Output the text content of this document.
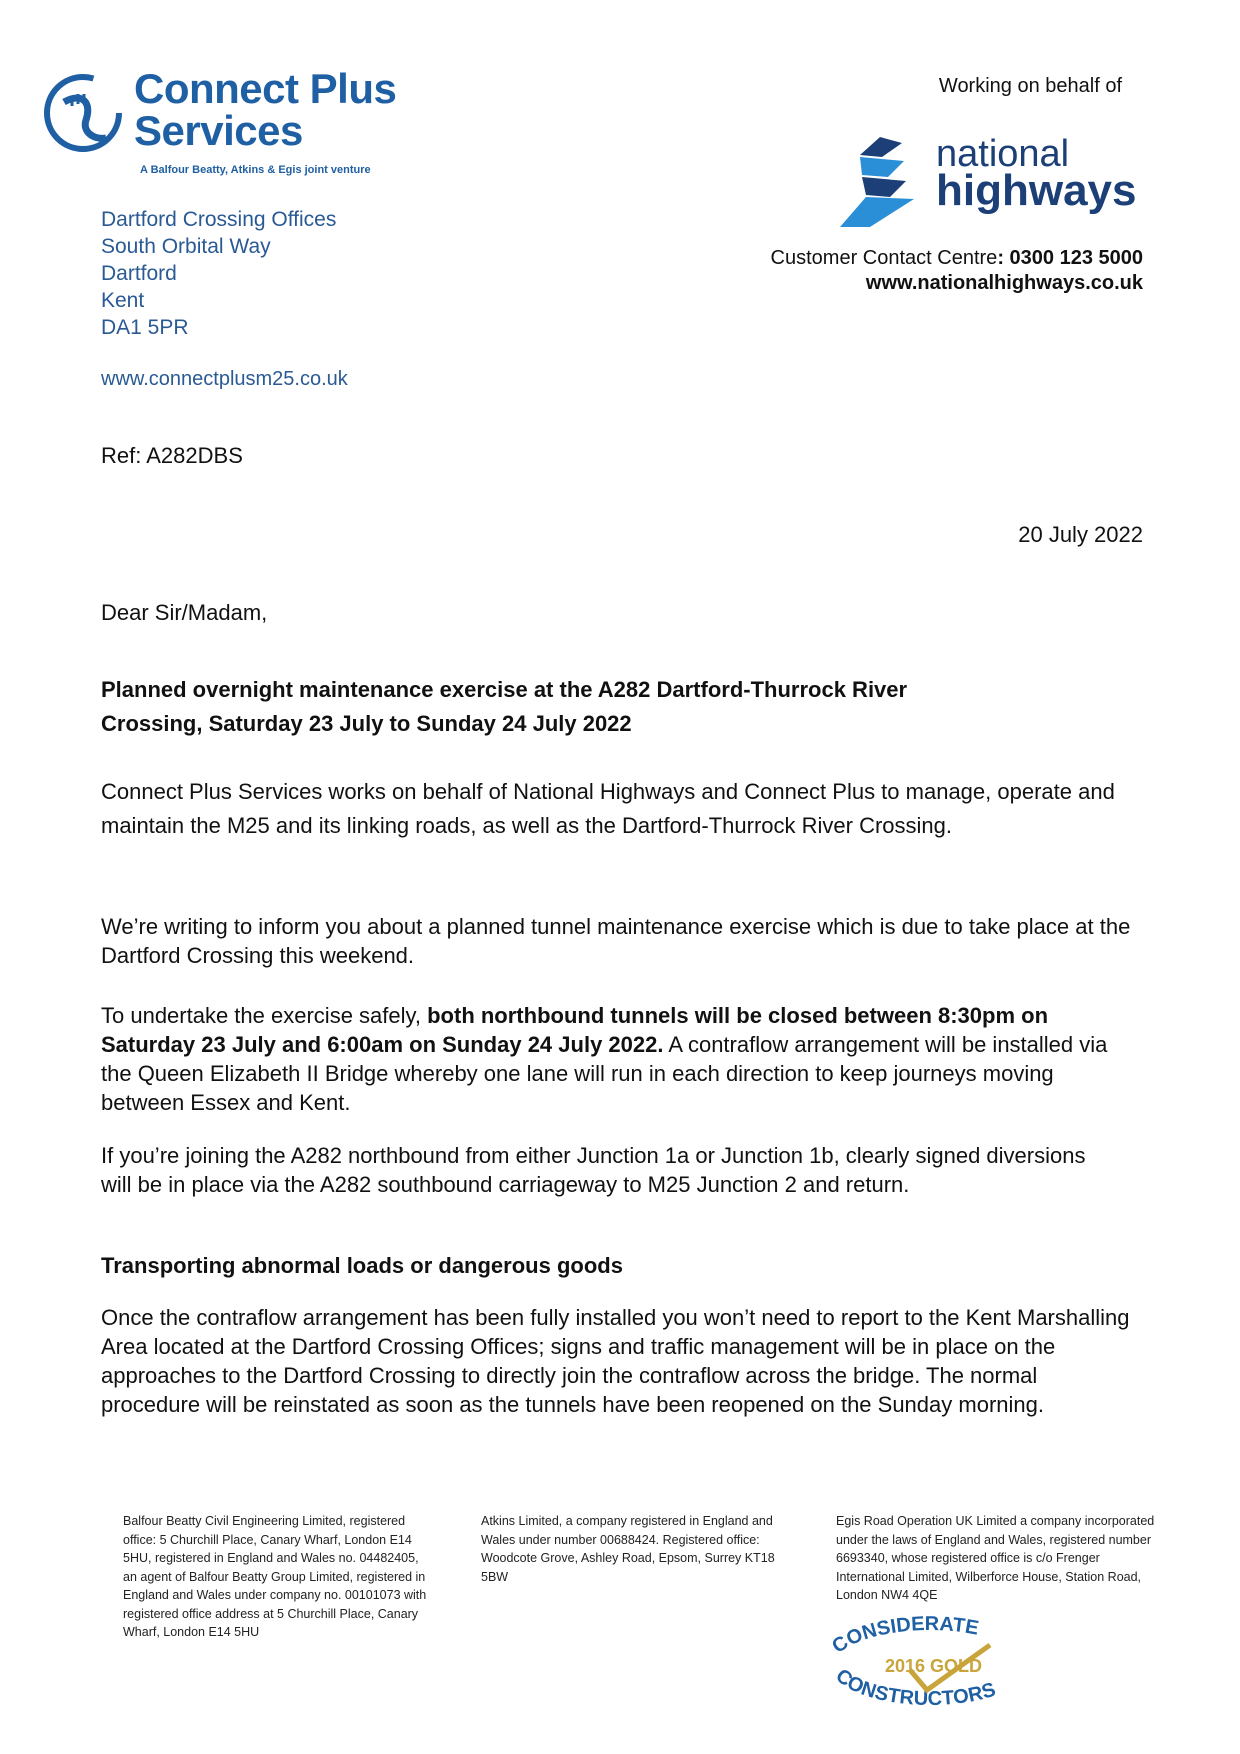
Connect Plus
Services
A Balfour Beatty, Atkins & Egis joint venture
Dartford Crossing Offices
South Orbital Way
Dartford
Kent
DA1 5PR
www.connectplusm25.co.uk
Working on behalf of
national
highways
Customer Contact Centre: 0300 123 5000
www.nationalhighways.co.uk
Ref: A282DBS
20 July 2022
Dear Sir/Madam,
Planned overnight maintenance exercise at the A282 Dartford-Thurrock River
Crossing, Saturday 23 July to Sunday 24 July 2022
Connect Plus Services works on behalf of National Highways and Connect Plus to manage, operate and maintain the M25 and its linking roads, as well as the Dartford-Thurrock River Crossing.
We’re writing to inform you about a planned tunnel maintenance exercise which is due to take place at the Dartford Crossing this weekend.
To undertake the exercise safely, both northbound tunnels will be closed between 8:30pm on Saturday 23 July and 6:00am on Sunday 24 July 2022. A contraflow arrangement will be installed via the Queen Elizabeth II Bridge whereby one lane will run in each direction to keep journeys moving between Essex and Kent.
If you’re joining the A282 northbound from either Junction 1a or Junction 1b, clearly signed diversions will be in place via the A282 southbound carriageway to M25 Junction 2 and return.
Transporting abnormal loads or dangerous goods
Once the contraflow arrangement has been fully installed you won’t need to report to the Kent Marshalling Area located at the Dartford Crossing Offices; signs and traffic management will be in place on the approaches to the Dartford Crossing to directly join the contraflow across the bridge. The normal procedure will be reinstated as soon as the tunnels have been reopened on the Sunday morning.
Balfour Beatty Civil Engineering Limited, registered office: 5 Churchill Place, Canary Wharf, London E14 5HU, registered in England and Wales no. 04482405, an agent of Balfour Beatty Group Limited, registered in England and Wales under company no. 00101073 with registered office address at 5 Churchill Place, Canary Wharf, London E14 5HU
Atkins Limited, a company registered in England and Wales under number 00688424. Registered office: Woodcote Grove, Ashley Road, Epsom, Surrey KT18 5BW
Egis Road Operation UK Limited a company incorporated under the laws of England and Wales, registered number 6693340, whose registered office is c/o Frenger International Limited, Wilberforce House, Station Road, London NW4 4QE
CONSIDERATE
CONSTRUCTORS
2016 GOLD
